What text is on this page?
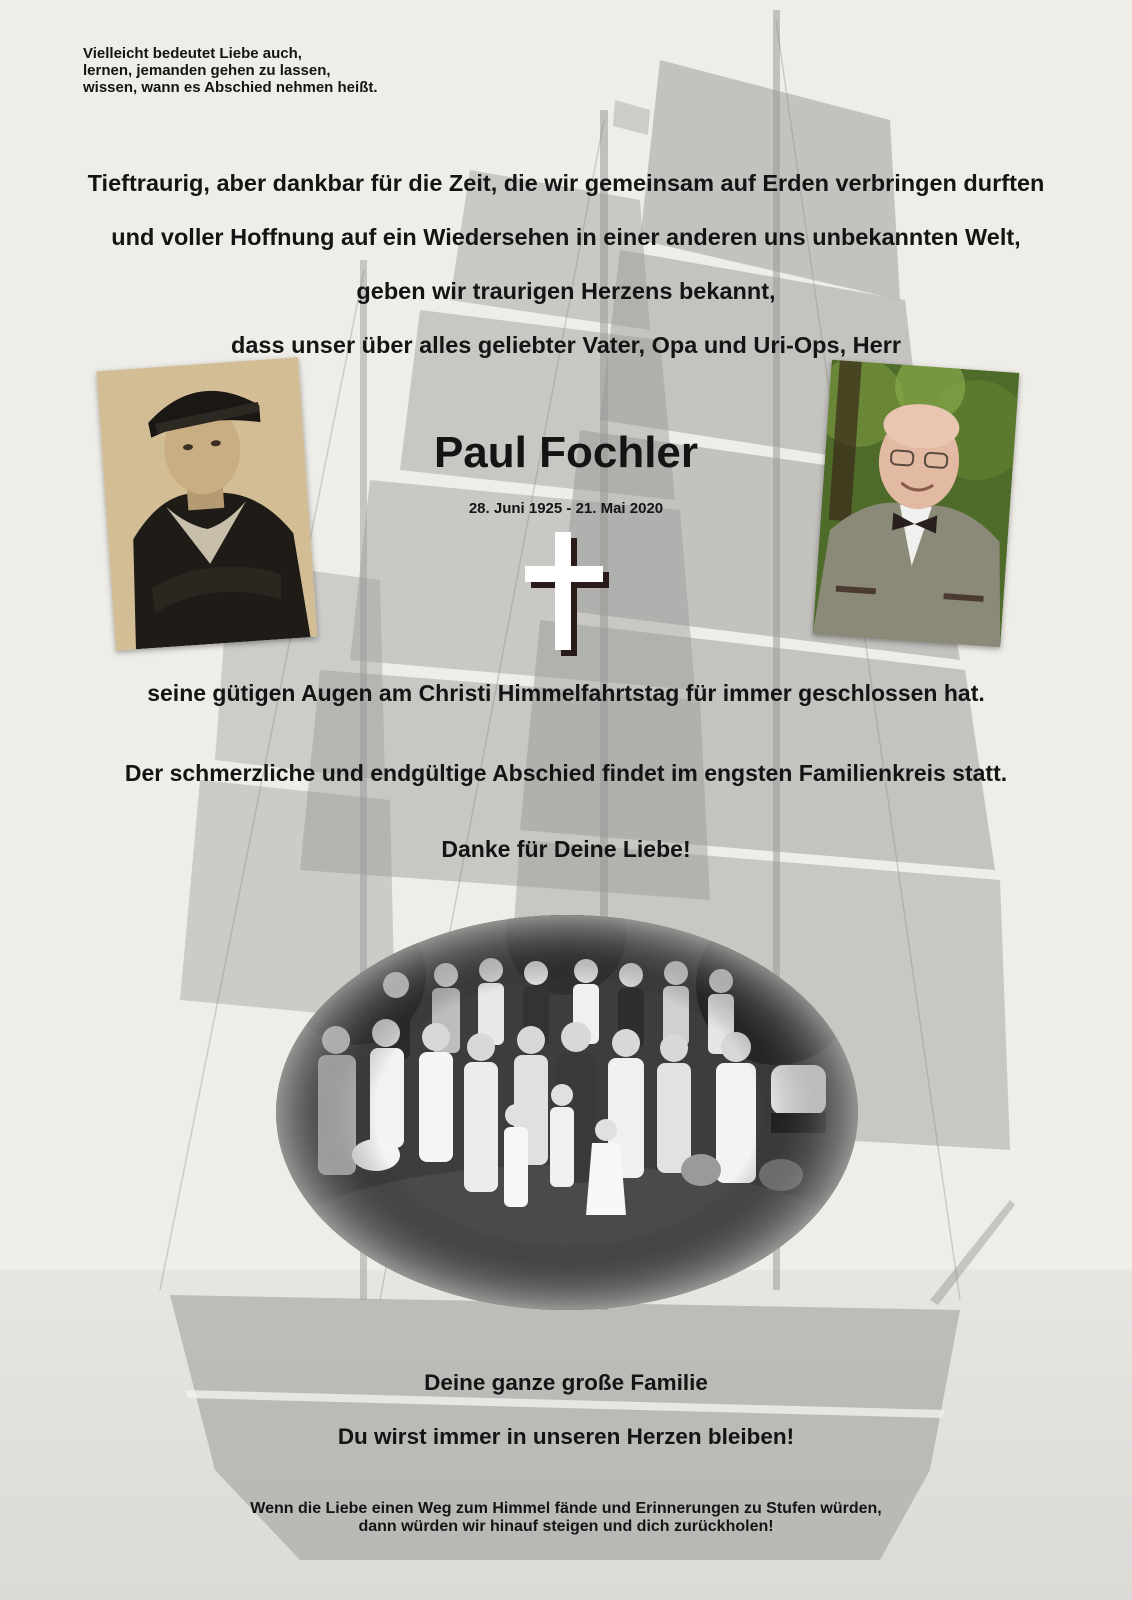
Vielleicht bedeutet Liebe auch,
lernen, jemanden gehen zu lassen,
wissen, wann es Abschied nehmen heißt.
Tieftraurig, aber dankbar für die Zeit, die wir gemeinsam auf Erden verbringen durften
und voller Hoffnung auf ein Wiedersehen in einer anderen uns unbekannten Welt,
geben wir traurigen Herzens bekannt,
dass unser über alles geliebter Vater, Opa und Uri-Ops, Herr
Paul Fochler
28. Juni 1925 - 21. Mai 2020
seine gütigen Augen am Christi Himmelfahrtstag für immer geschlossen hat.
Der schmerzliche und endgültige Abschied findet im engsten Familienkreis statt.
Danke für Deine Liebe!
Deine ganze große Familie
Du wirst immer in unseren Herzen bleiben!
Wenn die Liebe einen Weg zum Himmel fände und Erinnerungen zu Stufen würden,
dann würden wir hinauf steigen und dich zurückholen!
